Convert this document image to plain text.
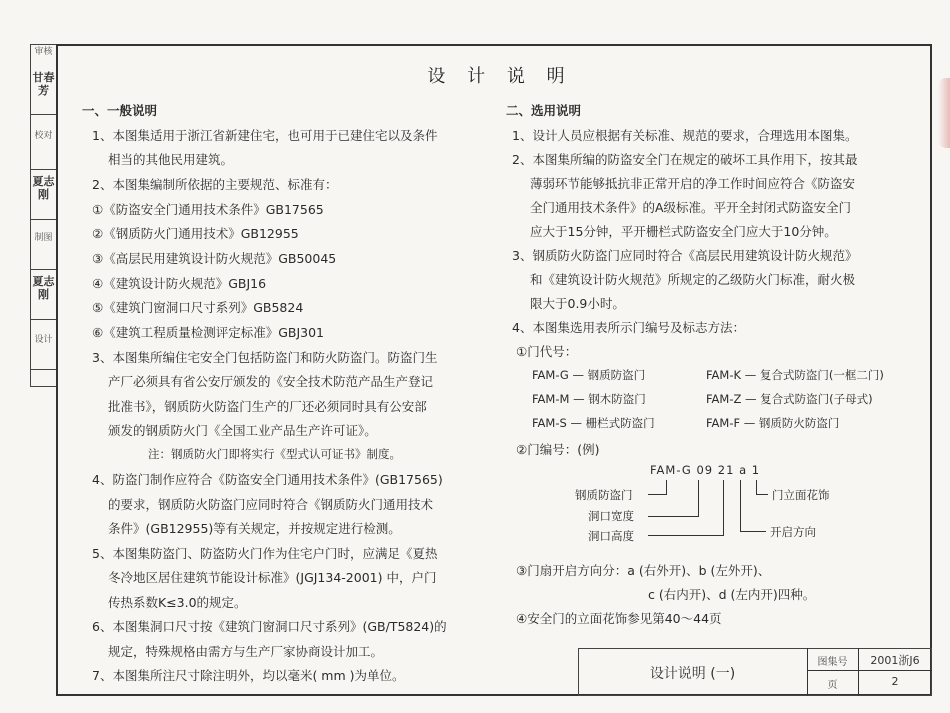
审核
甘春芳
校对
夏志刚
制图
夏志刚
设计
设 计 说 明
一、一般说明
1、本图集适用于浙江省新建住宅，也可用于已建住宅以及条件
相当的其他民用建筑。
2、本图集编制所依据的主要规范、标准有：
①《防盗安全门通用技术条件》GB17565
②《钢质防火门通用技术》GB12955
③《高层民用建筑设计防火规范》GB50045
④《建筑设计防火规范》GBJ16
⑤《建筑门窗洞口尺寸系列》GB5824
⑥《建筑工程质量检测评定标准》GBJ301
3、本图集所编住宅安全门包括防盗门和防火防盗门。防盗门生
产厂必须具有省公安厅颁发的《安全技术防范产品生产登记
批准书》，钢质防火防盗门生产的厂还必须同时具有公安部
颁发的钢质防火门《全国工业产品生产许可证》。
注：钢质防火门即将实行《型式认可证书》制度。
4、防盗门制作应符合《防盗安全门通用技术条件》(GB17565)
的要求，钢质防火防盗门应同时符合《钢质防火门通用技术
条件》(GB12955)等有关规定，并按规定进行检测。
5、本图集防盗门、防盗防火门作为住宅户门时，应满足《夏热
冬冷地区居住建筑节能设计标准》(JGJ134-2001) 中，户门
传热系数K≤3.0的规定。
6、本图集洞口尺寸按《建筑门窗洞口尺寸系列》(GB/T5824)的
规定，特殊规格由需方与生产厂家协商设计加工。
7、本图集所注尺寸除注明外，均以毫米( mm )为单位。
二、选用说明
1、设计人员应根据有关标准、规范的要求，合理选用本图集。
2、本图集所编的防盗安全门在规定的破坏工具作用下，按其最
薄弱环节能够抵抗非正常开启的净工作时间应符合《防盗安
全门通用技术条件》的A级标准。平开全封闭式防盗安全门
应大于15分钟，平开栅栏式防盗安全门应大于10分钟。
3、钢质防火防盗门应同时符合《高层民用建筑设计防火规范》
和《建筑设计防火规范》所规定的乙级防火门标准，耐火极
限大于0.9小时。
4、本图集选用表所示门编号及标志方法：
①门代号：
FAM-G — 钢质防盗门	FAM-K — 复合式防盗门(一框二门)
FAM-M — 钢木防盗门	FAM-Z — 复合式防盗门(子母式)
FAM-S — 栅栏式防盗门	FAM-F — 钢质防火防盗门
②门编号：(例)
FAM-G 09 21 a 1
钢质防盗门
洞口宽度
洞口高度
门立面花饰
开启方向
③门扇开启方向分：a (右外开)、b (左外开)、
c (右内开)、d (左内开)四种。
④安全门的立面花饰参见第40～44页
设计说明 (一)
图集号	2001浙J6
页	2
